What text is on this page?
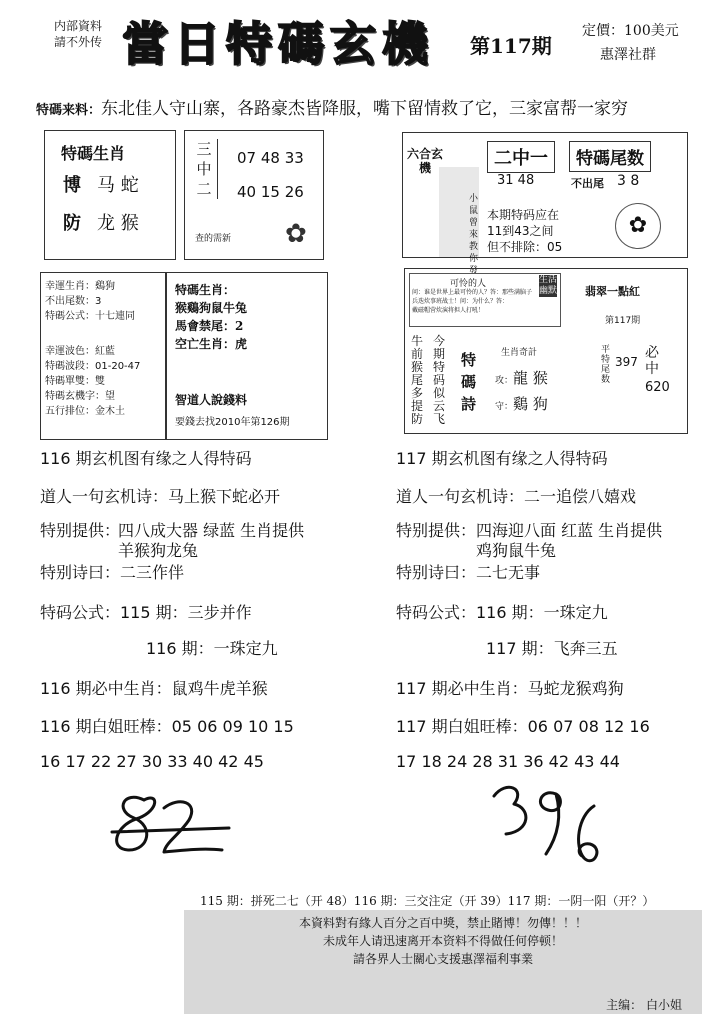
内部資料
請不外传 當日特碼玄機 第117期
定價：100美元
惠澤社群
特碼来料：东北佳人守山寨，各路豪杰皆降服，嘴下留情救了它，三家富帮一家穷
特碼生肖
博 马 蛇
防 龙 猴
三
中
二
07 48 33
40 15 26
查的需新 ✿
六合玄機
小鼠曾來教你發
二中一
31 48
特碼尾数
不出尾 3 8
本期特码应在
11到43之间
但不排除：05
✿
幸運生肖：鷄狗
不出尾数：3
特碼公式：十七連同
幸運波色：紅藍
特碼波段：01-20-47
特碼單雙：雙
特碼玄機字：望
五行排位：金木土
特碼生肖：
猴鷄狗鼠牛兔
馬會禁尾：2
空亡生肖：虎
智道人說錢料
要錢去找2010年第126期
可怜的人
问：谁是世界上最可怜的人？答：那些满脑子
兵迭炊事班战士！问：为什么？答：
戴磁帽营炊演将担人打吼！
生活幽默	翡翠一點紅
第117期
牛前猴尾多提防
今期特码似云飞
特碼詩
生肖奇計
攻：龍 猴
守：鷄 狗
平特尾数
397
必中
620
116 期玄机图有缘之人得特码
道人一句玄机诗：马上猴下蛇必开
特别提供：
四八成大器 绿蓝 生肖提供
羊猴狗龙兔
特别诗曰：二三作伴
特码公式：115 期：三步并作
116 期：一珠定九
116 期必中生肖：鼠鸡牛虎羊猴
116 期白姐旺棒：05 06 09 10 15
16 17 22 27 30 33 40 42 45
117 期玄机图有缘之人得特码
道人一句玄机诗：二一追偿八嬉戏
特别提供： 四海迎八面 红蓝 生肖提供
鸡狗鼠牛兔
特别诗曰：二七无事
特码公式：116 期：一珠定九
117 期：飞奔三五
117 期必中生肖：马蛇龙猴鸡狗
117 期白姐旺棒：06 07 08 12 16
17 18 24 28 31 36 42 43 44
115 期：拼死二七（开 48）116 期：三交注定（开 39）117 期：一阴一阳（开？）
本資料對有緣人百分之百中獎，禁止賭博！勿傳！！！
未成年人请迅速离开本资料不得做任何停顿！
請各界人士關心支援惠澤福利事業
主编： 白小姐
